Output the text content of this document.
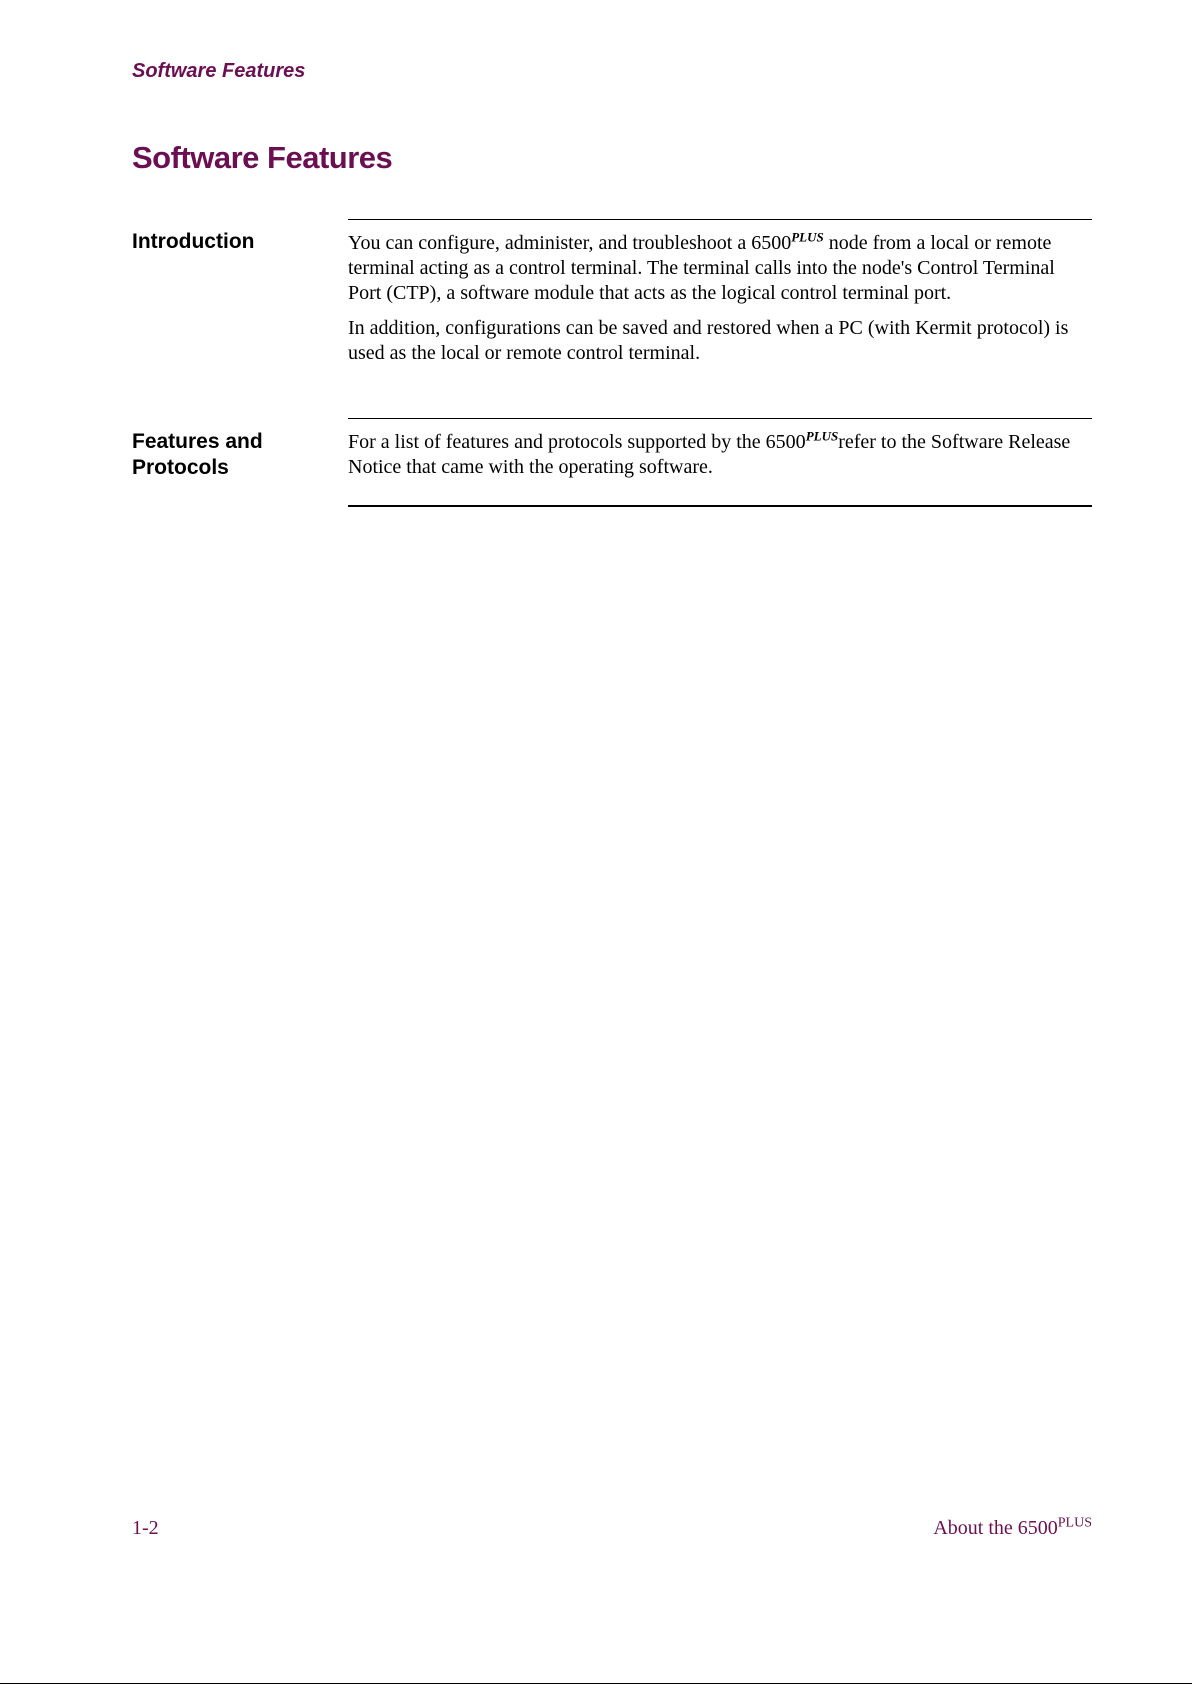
Software Features
Software Features
Introduction	You can configure, administer, and troubleshoot a $6500^{PLUS}$ node from a local or remote terminal acting as a control terminal. The terminal calls into the node's Control Terminal Port (CTP), a software module that acts as the logical control terminal port.

In addition, configurations can be saved and restored when a PC (with Kermit protocol) is used as the local or remote control terminal.

Features and
Protocols

For a list of features and protocols supported by the $6500^{PLUS}refer$ to the Software Release Notice that came with the operating software.

1-2	About the $6500^{PLUS}$
